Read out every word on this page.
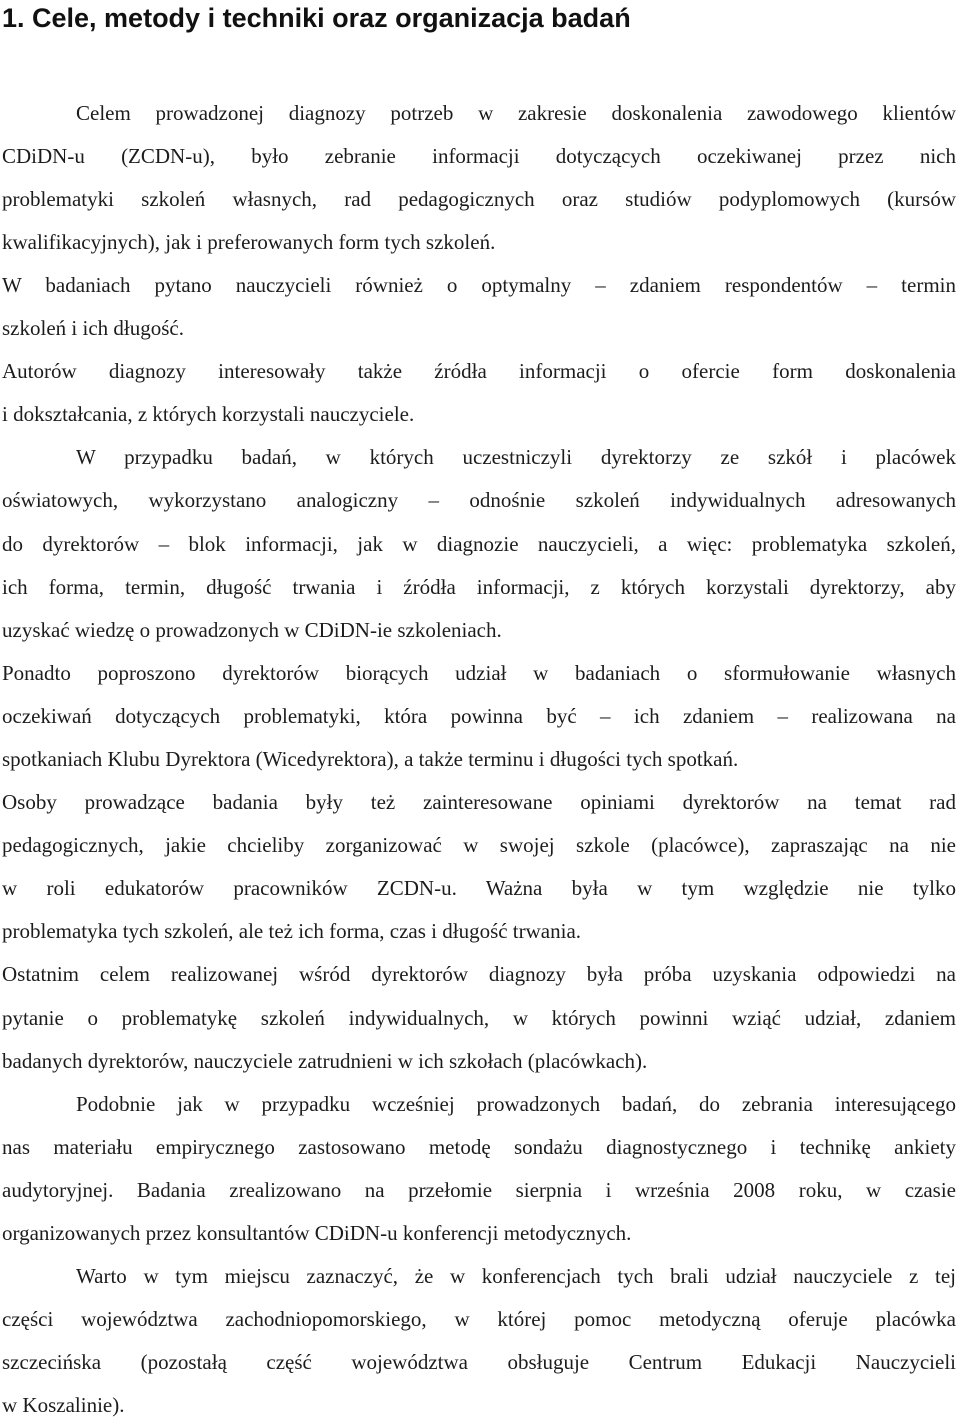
1. Cele, metody i techniki oraz organizacja badań
Celem prowadzonej diagnozy potrzeb w zakresie doskonalenia zawodowego klientów
CDiDN-u (ZCDN-u), było zebranie informacji dotyczących oczekiwanej przez nich
problematyki szkoleń własnych, rad pedagogicznych oraz studiów podyplomowych (kursów
kwalifikacyjnych), jak i preferowanych form tych szkoleń.
W badaniach pytano nauczycieli również o optymalny – zdaniem respondentów – termin
szkoleń i ich długość.
Autorów diagnozy interesowały także źródła informacji o ofercie form doskonalenia
i dokształcania, z których korzystali nauczyciele.
W przypadku badań, w których uczestniczyli dyrektorzy ze szkół i placówek
oświatowych, wykorzystano analogiczny – odnośnie szkoleń indywidualnych adresowanych
do dyrektorów – blok informacji, jak w diagnozie nauczycieli, a więc: problematyka szkoleń,
ich forma, termin, długość trwania i źródła informacji, z których korzystali dyrektorzy, aby
uzyskać wiedzę o prowadzonych w CDiDN-ie szkoleniach.
Ponadto poproszono dyrektorów biorących udział w badaniach o sformułowanie własnych
oczekiwań dotyczących problematyki, która powinna być – ich zdaniem – realizowana na
spotkaniach Klubu Dyrektora (Wicedyrektora), a także terminu i długości tych spotkań.
Osoby prowadzące badania były też zainteresowane opiniami dyrektorów na temat rad
pedagogicznych, jakie chcieliby zorganizować w swojej szkole (placówce), zapraszając na nie
w roli edukatorów pracowników ZCDN-u. Ważna była w tym względzie nie tylko
problematyka tych szkoleń, ale też ich forma, czas i długość trwania.
Ostatnim celem realizowanej wśród dyrektorów diagnozy była próba uzyskania odpowiedzi na
pytanie o problematykę szkoleń indywidualnych, w których powinni wziąć udział, zdaniem
badanych dyrektorów, nauczyciele zatrudnieni w ich szkołach (placówkach).
Podobnie jak w przypadku wcześniej prowadzonych badań, do zebrania interesującego
nas materiału empirycznego zastosowano metodę sondażu diagnostycznego i technikę ankiety
audytoryjnej. Badania zrealizowano na przełomie sierpnia i września 2008 roku, w czasie
organizowanych przez konsultantów CDiDN-u konferencji metodycznych.
Warto w tym miejscu zaznaczyć, że w konferencjach tych brali udział nauczyciele z tej
części województwa zachodniopomorskiego, w której pomoc metodyczną oferuje placówka
szczecińska (pozostałą część województwa obsługuje Centrum Edukacji Nauczycieli
w Koszalinie).
